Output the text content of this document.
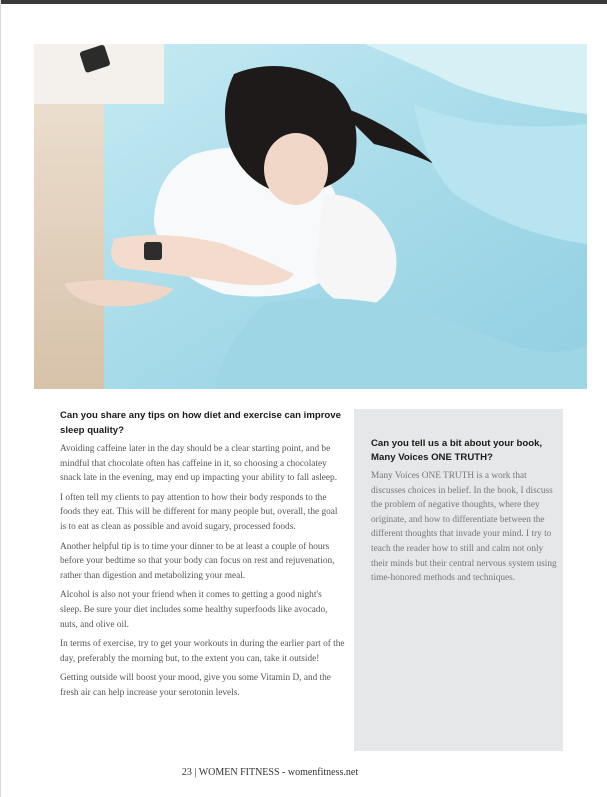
Can you share any tips on how diet and exercise can improve sleep quality?

Avoiding caffeine later in the day should be a clear starting point, and be mindful that chocolate often has caffeine in it, so choosing a chocolatey snack late in the evening, may end up impacting your ability to fall asleep.

I often tell my clients to pay attention to how their body responds to the foods they eat. This will be different for many people but, overall, the goal is to eat as clean as possible and avoid sugary, processed foods.

Another helpful tip is to time your dinner to be at least a couple of hours before your bedtime so that your body can focus on rest and rejuvenation, rather than digestion and metabolizing your meal.

Alcohol is also not your friend when it comes to getting a good night's sleep. Be sure your diet includes some healthy superfoods like avocado, nuts, and olive oil.

In terms of exercise, try to get your workouts in during the earlier part of the day, preferably the morning but, to the extent you can, take it outside!

Getting outside will boost your mood, give you some Vitamin D, and the fresh air can help increase your serotonin levels.

Can you tell us a bit about your book, Many Voices ONE TRUTH?

Many Voices ONE TRUTH is a work that discusses choices in belief. In the book, I discuss the problem of negative thoughts, where they originate, and how to differentiate between the different thoughts that invade your mind. I try to teach the reader how to still and calm not only their minds but their central nervous system using time-honored methods and techniques.

23 | WOMEN FITNESS - womenfitness.net
